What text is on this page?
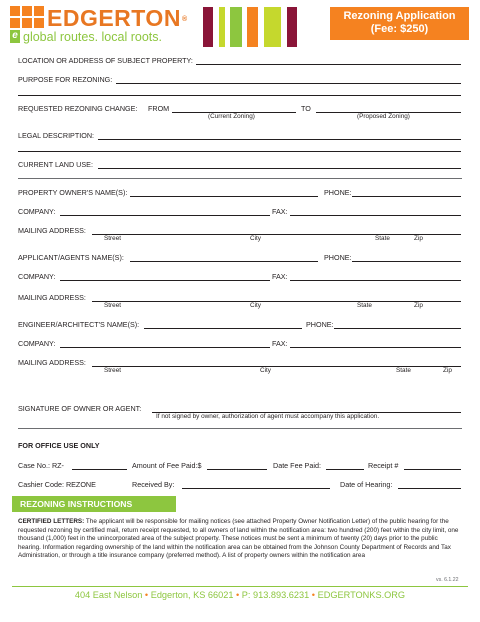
e
EDGERTON®
global routes. local roots.
Rezoning Application
(Fee: $250)
LOCATION OR ADDRESS OF SUBJECT PROPERTY:
PURPOSE FOR REZONING:
REQUESTED REZONING CHANGE: FROM	TO
(Current Zoning)	(Proposed Zoning)
LEGAL DESCRIPTION:
CURRENT LAND USE:
PROPERTY OWNER'S NAME(S):	PHONE:
COMPANY:	FAX:
MAILING ADDRESS:
Street	City	State	Zip
APPLICANT/AGENTS NAME(S):	PHONE:
COMPANY:	FAX:
MAILING ADDRESS:
Street	City	State	Zip
ENGINEER/ARCHITECT'S NAME(S):	PHONE:
COMPANY:	FAX:
MAILING ADDRESS:
Street	City	State	Zip
SIGNATURE OF OWNER OR AGENT:
If not signed by owner, authorization of agent must accompany this application.
FOR OFFICE USE ONLY
Case No.: RZ-	Amount of Fee Paid:$	Date Fee Paid:	Receipt #
Cashier Code: REZONE	Received By:	Date of Hearing:
REZONING INSTRUCTIONS
CERTIFIED LETTERS: The applicant will be responsible for mailing notices (see attached Property Owner Notification Letter) of the public hearing for the requested rezoning by certified mail, return receipt requested, to all owners of land within the notification area: two hundred (200) feet within the city limit, one thousand (1,000) feet in the unincorporated area of the subject property. These notices must be sent a minimum of twenty (20) days prior to the public hearing. Information regarding ownership of the land within the notification area can be obtained from the Johnson County Department of Records and Tax Administration, or through a title insurance company (preferred method). A list of property owners within the notification area
vs. 6.1.22
404 East Nelson • Edgerton, KS 66021 • P: 913.893.6231 • EDGERTONKS.ORG
